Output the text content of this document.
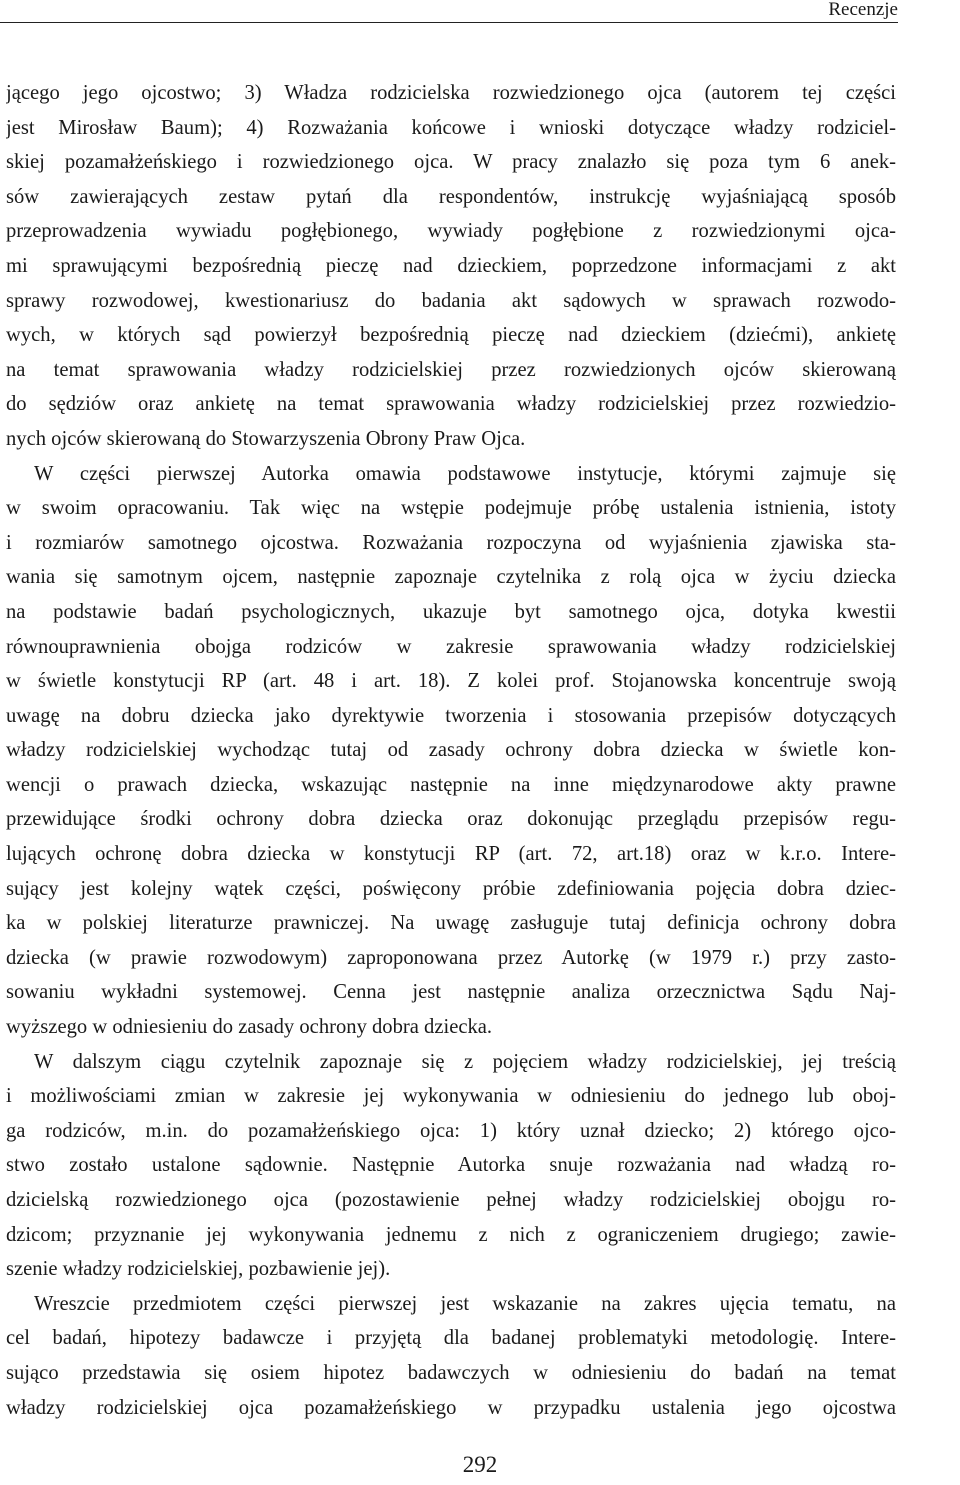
Recenzje
jącego jego ojcostwo; 3) Władza rodzicielska rozwiedzionego ojca (autorem tej części
jest Mirosław Baum); 4) Rozważania końcowe i wnioski dotyczące władzy rodziciel-
skiej pozamałżeńskiego i rozwiedzionego ojca. W pracy znalazło się poza tym 6 anek-
sów zawierających zestaw pytań dla respondentów, instrukcję wyjaśniającą sposób
przeprowadzenia wywiadu pogłębionego, wywiady pogłębione z rozwiedzionymi ojca-
mi sprawującymi bezpośrednią pieczę nad dzieckiem, poprzedzone informacjami z akt
sprawy rozwodowej, kwestionariusz do badania akt sądowych w sprawach rozwodo-
wych, w których sąd powierzył bezpośrednią pieczę nad dzieckiem (dziećmi), ankietę
na temat sprawowania władzy rodzicielskiej przez rozwiedzionych ojców skierowaną
do sędziów oraz ankietę na temat sprawowania władzy rodzicielskiej przez rozwiedzio-
nych ojców skierowaną do Stowarzyszenia Obrony Praw Ojca.
W części pierwszej Autorka omawia podstawowe instytucje, którymi zajmuje się
w swoim opracowaniu. Tak więc na wstępie podejmuje próbę ustalenia istnienia, istoty
i rozmiarów samotnego ojcostwa. Rozważania rozpoczyna od wyjaśnienia zjawiska sta-
wania się samotnym ojcem, następnie zapoznaje czytelnika z rolą ojca w życiu dziecka
na podstawie badań psychologicznych, ukazuje byt samotnego ojca, dotyka kwestii
równouprawnienia obojga rodziców w zakresie sprawowania władzy rodzicielskiej
w świetle konstytucji RP (art. 48 i art. 18). Z kolei prof. Stojanowska koncentruje swoją
uwagę na dobru dziecka jako dyrektywie tworzenia i stosowania przepisów dotyczących
władzy rodzicielskiej wychodząc tutaj od zasady ochrony dobra dziecka w świetle kon-
wencji o prawach dziecka, wskazując następnie na inne międzynarodowe akty prawne
przewidujące środki ochrony dobra dziecka oraz dokonując przeglądu przepisów regu-
lujących ochronę dobra dziecka w konstytucji RP (art. 72, art.18) oraz w k.r.o. Intere-
sujący jest kolejny wątek części, poświęcony próbie zdefiniowania pojęcia dobra dziec-
ka w polskiej literaturze prawniczej. Na uwagę zasługuje tutaj definicja ochrony dobra
dziecka (w prawie rozwodowym) zaproponowana przez Autorkę (w 1979 r.) przy zasto-
sowaniu wykładni systemowej. Cenna jest następnie analiza orzecznictwa Sądu Naj-
wyższego w odniesieniu do zasady ochrony dobra dziecka.
W dalszym ciągu czytelnik zapoznaje się z pojęciem władzy rodzicielskiej, jej treścią
i możliwościami zmian w zakresie jej wykonywania w odniesieniu do jednego lub oboj-
ga rodziców, m.in. do pozamałżeńskiego ojca: 1) który uznał dziecko; 2) którego ojco-
stwo zostało ustalone sądownie. Następnie Autorka snuje rozważania nad władzą ro-
dzicielską rozwiedzionego ojca (pozostawienie pełnej władzy rodzicielskiej obojgu ro-
dzicom; przyznanie jej wykonywania jednemu z nich z ograniczeniem drugiego; zawie-
szenie władzy rodzicielskiej, pozbawienie jej).
Wreszcie przedmiotem części pierwszej jest wskazanie na zakres ujęcia tematu, na
cel badań, hipotezy badawcze i przyjętą dla badanej problematyki metodologię. Intere-
sująco przedstawia się osiem hipotez badawczych w odniesieniu do badań na temat
władzy rodzicielskiej ojca pozamałżeńskiego w przypadku ustalenia jego ojcostwa
292
